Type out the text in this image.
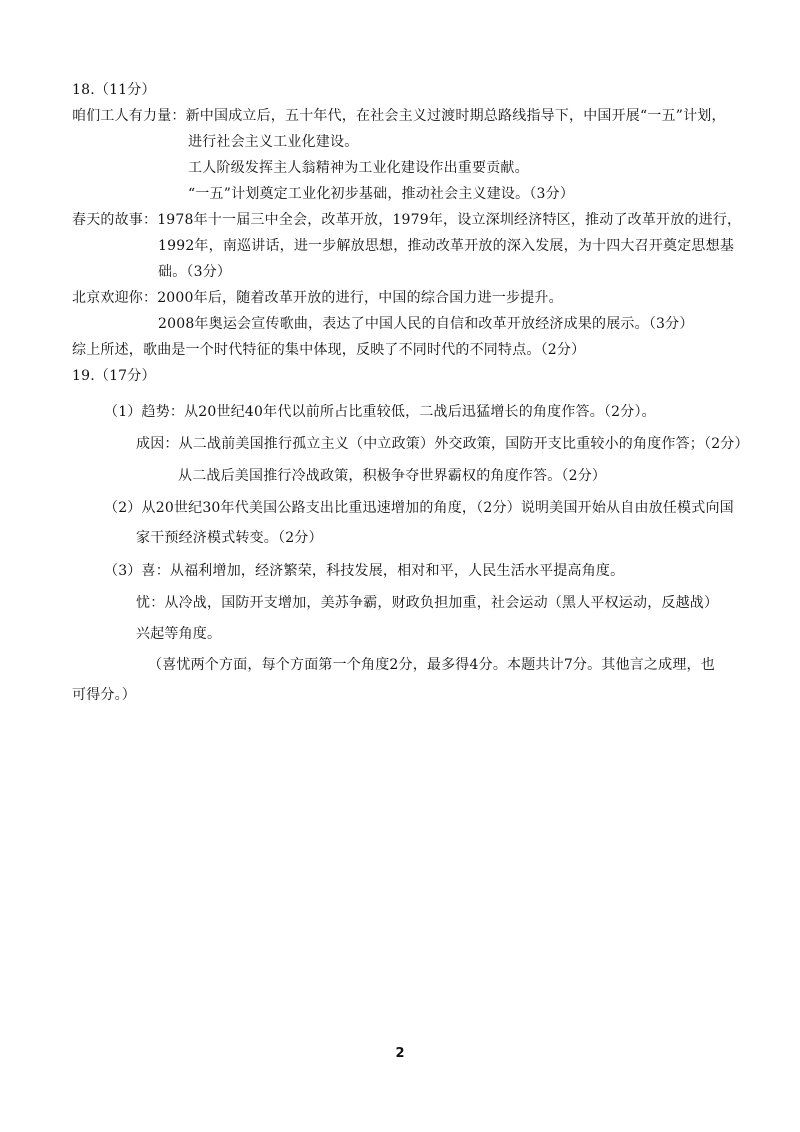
18.（11分）
咱们工人有力量：新中国成立后，五十年代，在社会主义过渡时期总路线指导下，中国开展“一五”计划，
进行社会主义工业化建设。
工人阶级发挥主人翁精神为工业化建设作出重要贡献。
“一五”计划奠定工业化初步基础，推动社会主义建设。（3分）
春天的故事：1978年十一届三中全会，改革开放，1979年，设立深圳经济特区，推动了改革开放的进行，
1992年，南巡讲话，进一步解放思想，推动改革开放的深入发展，为十四大召开奠定思想基
础。（3分）
北京欢迎你：2000年后，随着改革开放的进行，中国的综合国力进一步提升。
2008年奥运会宣传歌曲，表达了中国人民的自信和改革开放经济成果的展示。（3分）
综上所述，歌曲是一个时代特征的集中体现，反映了不同时代的不同特点。（2分）
19.（17分）
（1）趋势：从20世纪40年代以前所占比重较低，二战后迅猛增长的角度作答。（2分）。
成因：从二战前美国推行孤立主义（中立政策）外交政策，国防开支比重较小的角度作答；（2分）
从二战后美国推行冷战政策，积极争夺世界霸权的角度作答。（2分）
（2）从20世纪30年代美国公路支出比重迅速增加的角度，（2分）说明美国开始从自由放任模式向国
家干预经济模式转变。（2分）
（3）喜：从福利增加，经济繁荣，科技发展，相对和平，人民生活水平提高角度。
忧：从冷战，国防开支增加，美苏争霸，财政负担加重，社会运动（黑人平权运动，反越战）
兴起等角度。
（喜忧两个方面，每个方面第一个角度2分，最多得4分。本题共计7分。其他言之成理，也
可得分。）
2
